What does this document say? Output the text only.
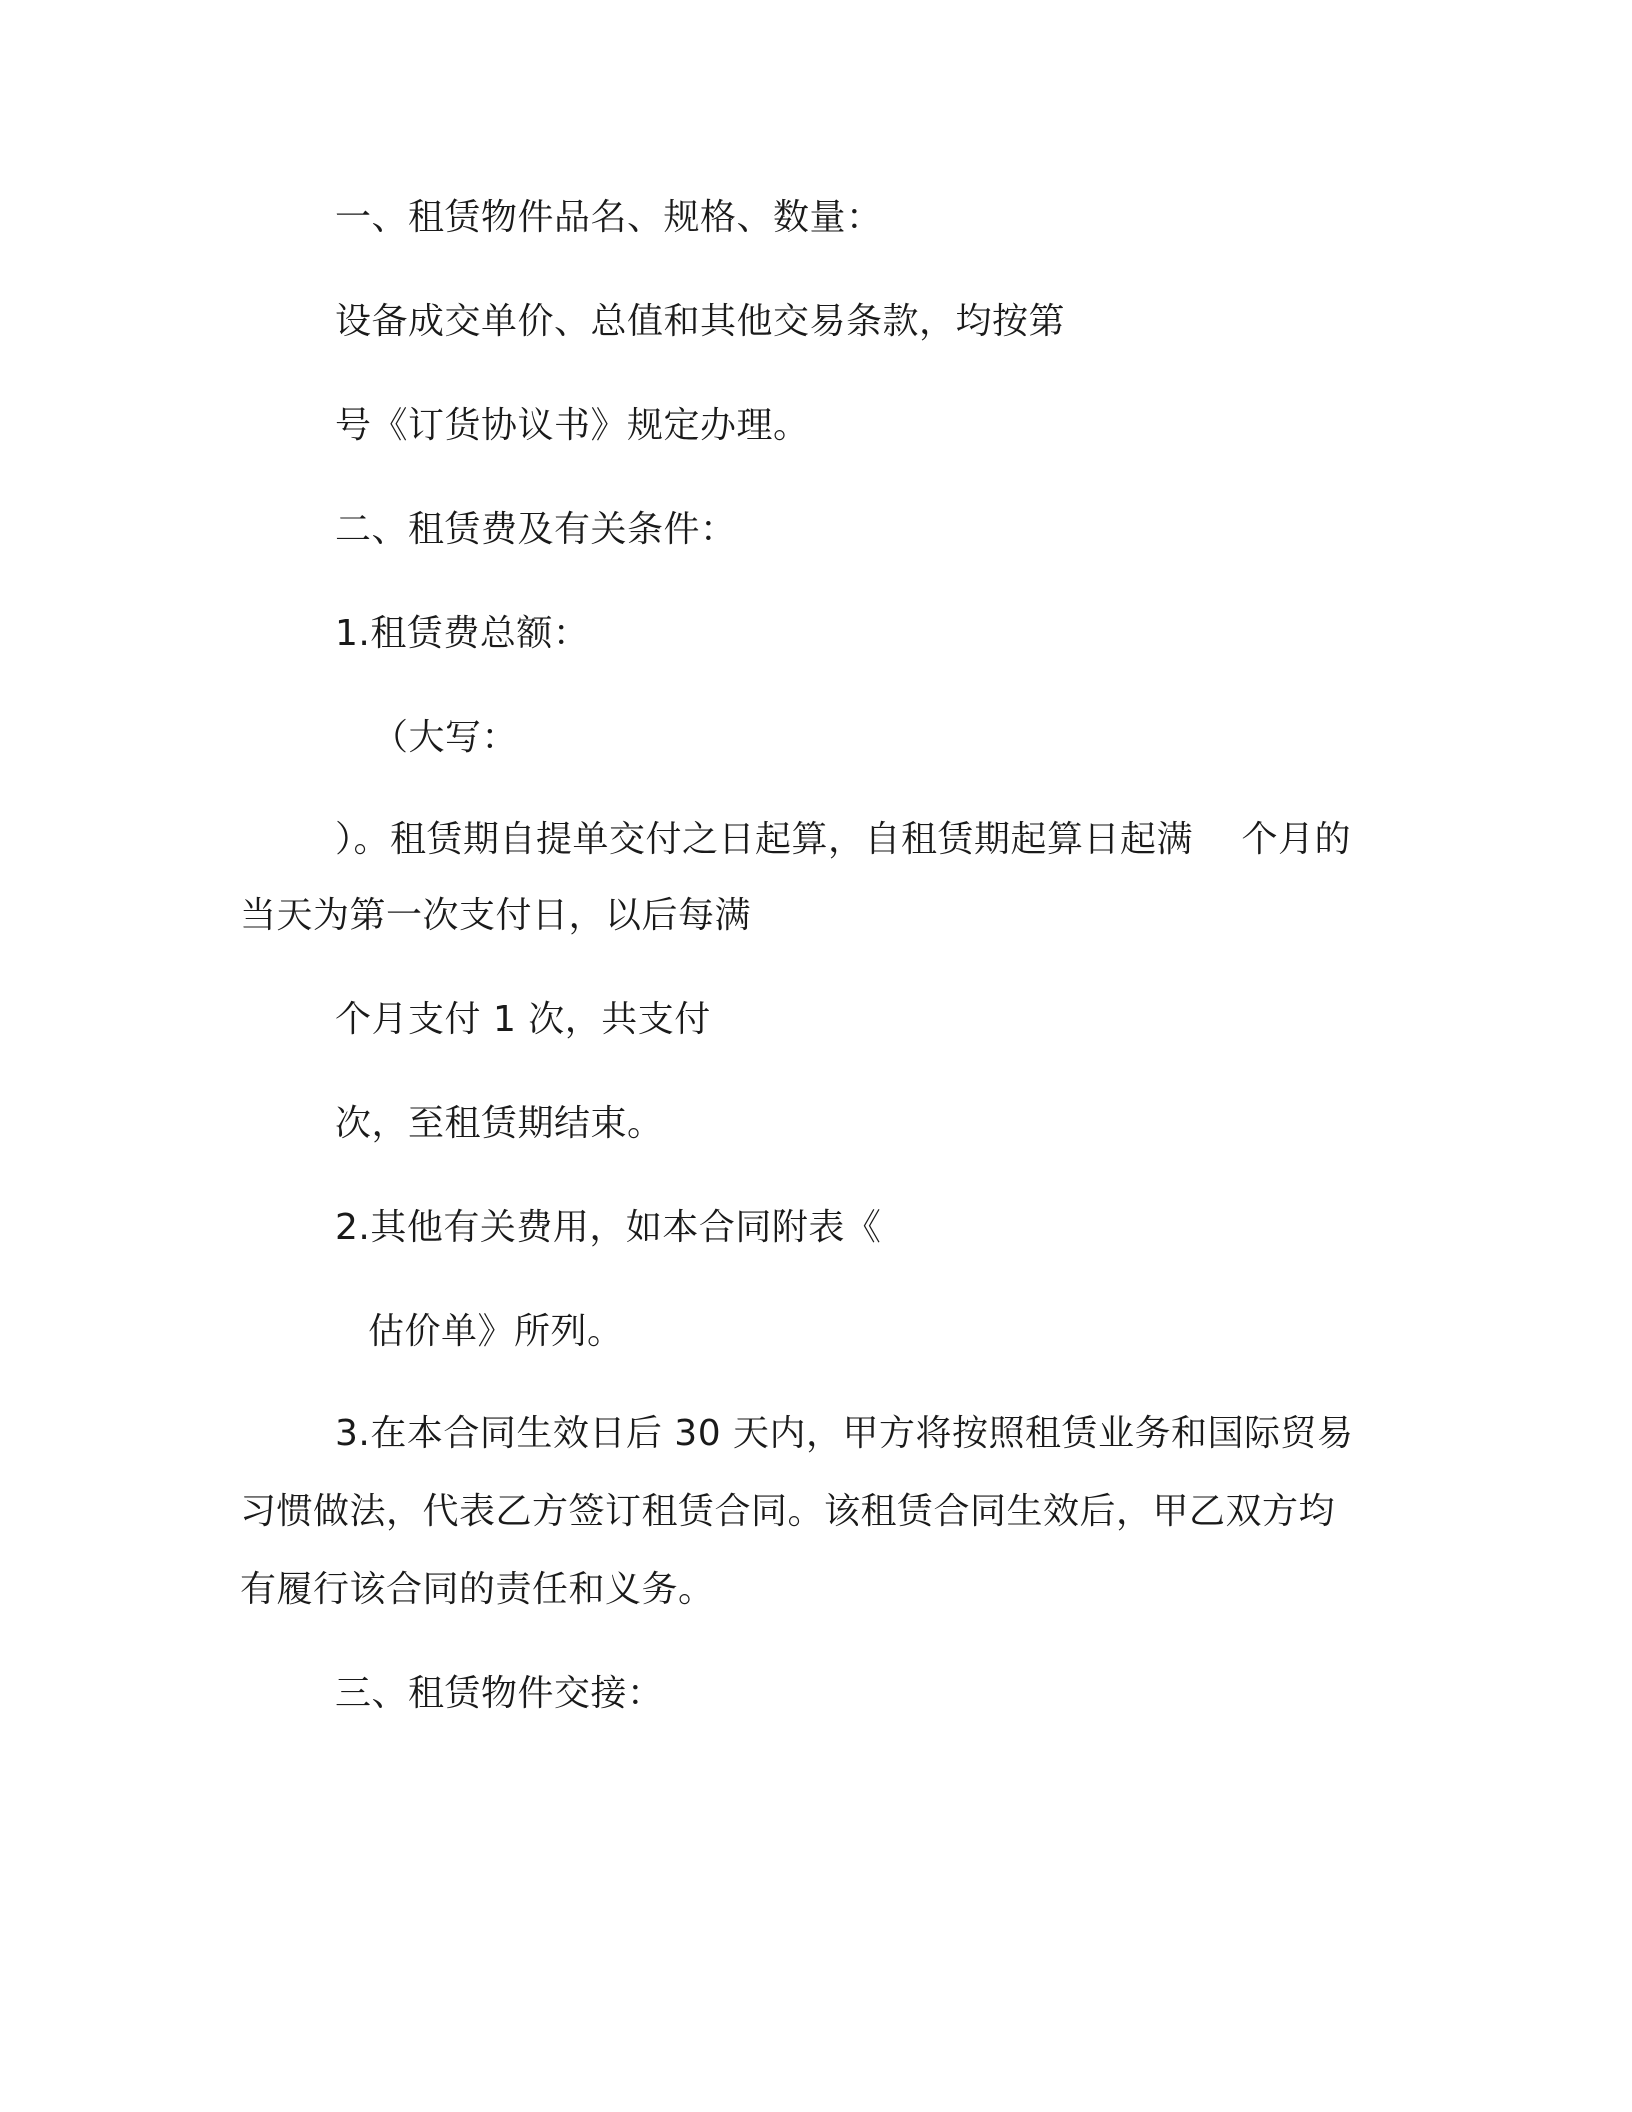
一、租赁物件品名、规格、数量：
设备成交单价、总值和其他交易条款，均按第
号《订货协议书》规定办理。
二、租赁费及有关条件：
1.租赁费总额：
（大写：
）。租赁期自提单交付之日起算，自租赁期起算日起满　 个月的
当天为第一次支付日，以后每满
个月支付 1 次，共支付
次，至租赁期结束。
2.其他有关费用，如本合同附表《
估价单》所列。
3.在本合同生效日后 30 天内，甲方将按照租赁业务和国际贸易
习惯做法，代表乙方签订租赁合同。该租赁合同生效后，甲乙双方均
有履行该合同的责任和义务。
三、租赁物件交接：
